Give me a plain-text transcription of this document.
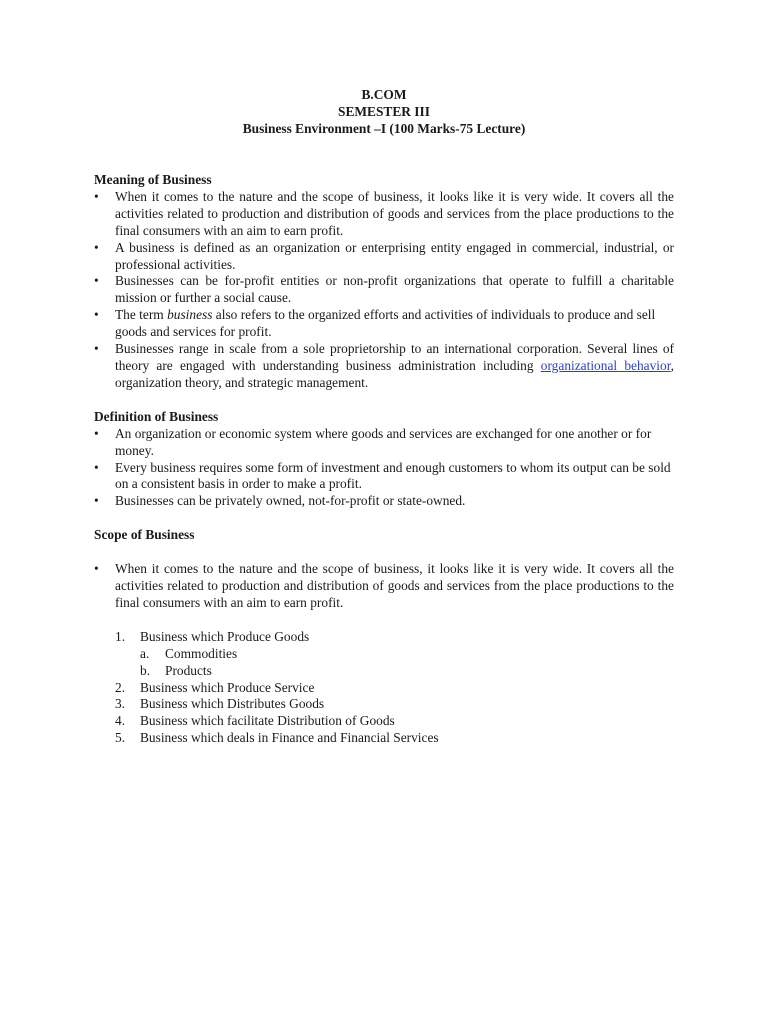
B.COM
SEMESTER III
Business Environment –I (100 Marks-75 Lecture)
Meaning of Business
• When it comes to the nature and the scope of business, it looks like it is very wide. It covers all the activities related to production and distribution of goods and services from the place productions to the final consumers with an aim to earn profit.
• A business is defined as an organization or enterprising entity engaged in commercial, industrial, or professional activities.
• Businesses can be for-profit entities or non-profit organizations that operate to fulfill a charitable mission or further a social cause.
• The term business also refers to the organized efforts and activities of individuals to produce and sell goods and services for profit.
• Businesses range in scale from a sole proprietorship to an international corporation. Several lines of theory are engaged with understanding business administration including organizational behavior, organization theory, and strategic management.
Definition of Business
• An organization or economic system where goods and services are exchanged for one another or for money.
• Every business requires some form of investment and enough customers to whom its output can be sold on a consistent basis in order to make a profit.
• Businesses can be privately owned, not-for-profit or state-owned.
Scope of Business
• When it comes to the nature and the scope of business, it looks like it is very wide. It covers all the activities related to production and distribution of goods and services from the place productions to the final consumers with an aim to earn profit.
1. Business which Produce Goods
a. Commodities
b. Products
2. Business which Produce Service
3. Business which Distributes Goods
4. Business which facilitate Distribution of Goods
5. Business which deals in Finance and Financial Services
